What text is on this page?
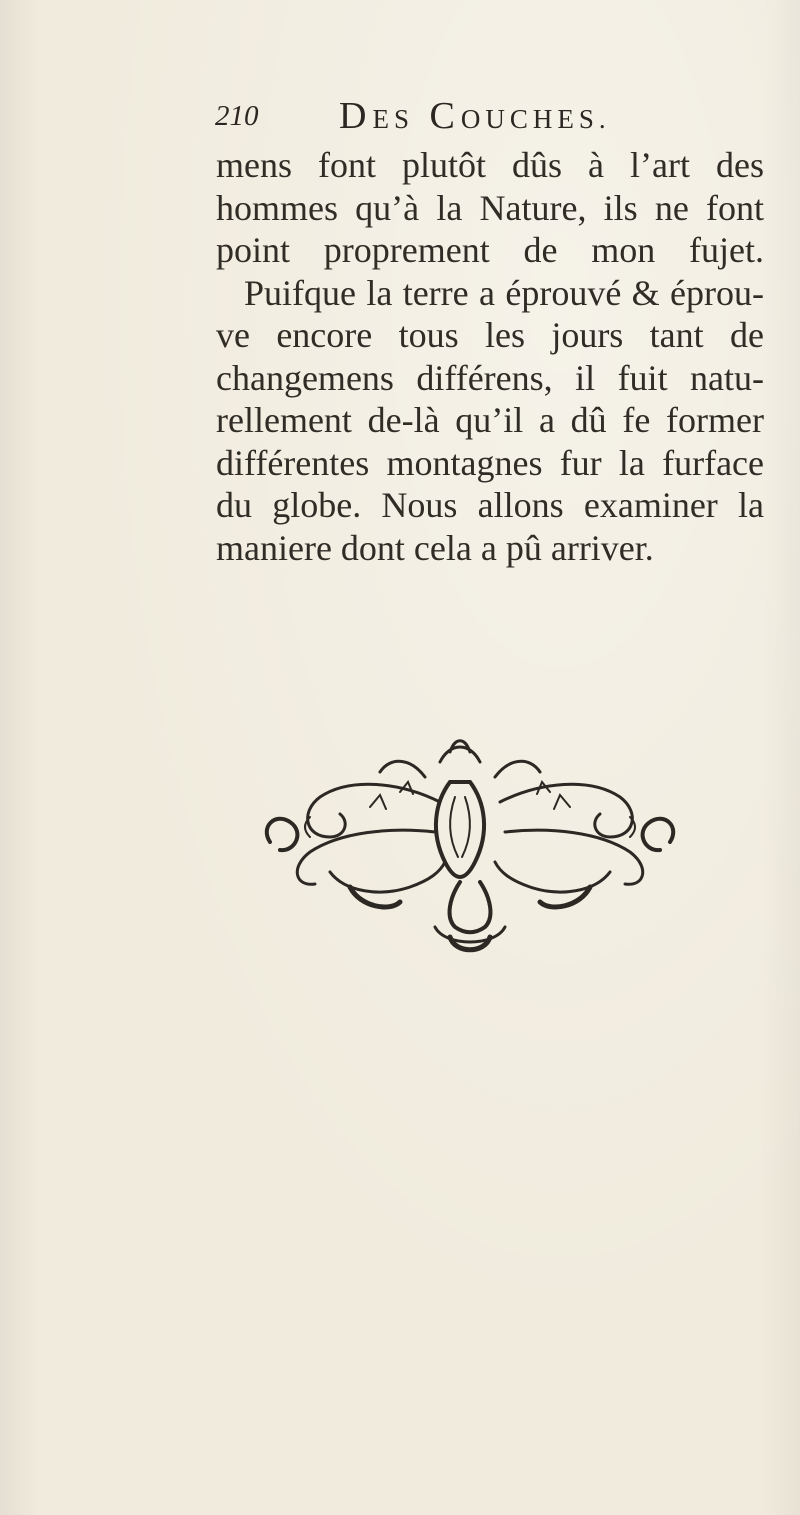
210 DES COUCHES.
mens font plutôt dûs à l’art des
hommes qu’à la Nature, ils ne font
point proprement de mon fujet.
Puifque la terre a éprouvé & éprou-
ve encore tous les jours tant de
changemens différens, il fuit natu-
rellement de-là qu’il a dû fe former
différentes montagnes fur la furface
du globe. Nous allons examiner la
maniere dont cela a pû arriver.
